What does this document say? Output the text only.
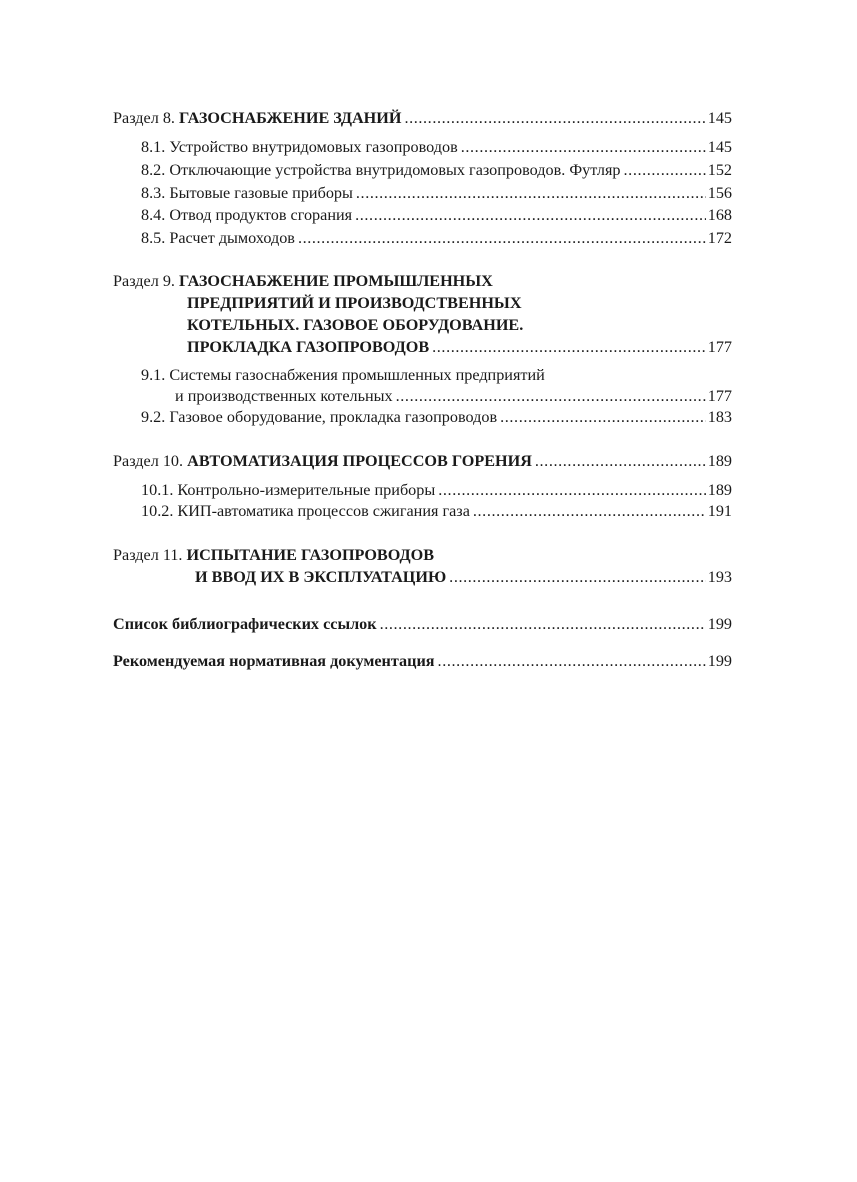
Раздел 8. ГАЗОСНАБЖЕНИЕ ЗДАНИЙ .....	145
8.1. Устройство внутридомовых газопроводов .....	145
8.2. Отключающие устройства внутридомовых газопроводов. Футляр .....	152
8.3. Бытовые газовые приборы .....	156
8.4. Отвод продуктов сгорания .....	168
8.5. Расчет дымоходов .....	172
Раздел 9. ГАЗОСНАБЖЕНИЕ ПРОМЫШЛЕННЫХ
ПРЕДПРИЯТИЙ И ПРОИЗВОДСТВЕННЫХ
КОТЕЛЬНЫХ. ГАЗОВОЕ ОБОРУДОВАНИЕ.
ПРОКЛАДКА ГАЗОПРОВОДОВ .....	177
9.1. Системы газоснабжения промышленных предприятий
и производственных котельных .....	177
9.2. Газовое оборудование, прокладка газопроводов .....	183
Раздел 10. АВТОМАТИЗАЦИЯ ПРОЦЕССОВ ГОРЕНИЯ .....	189
10.1. Контрольно-измерительные приборы .....	189
10.2. КИП-автоматика процессов сжигания газа .....	191
Раздел 11. ИСПЫТАНИЕ ГАЗОПРОВОДОВ
И ВВОД ИХ В ЭКСПЛУАТАЦИЮ .....	193
Список библиографических ссылок .....	199
Рекомендуемая нормативная документация .....	199
